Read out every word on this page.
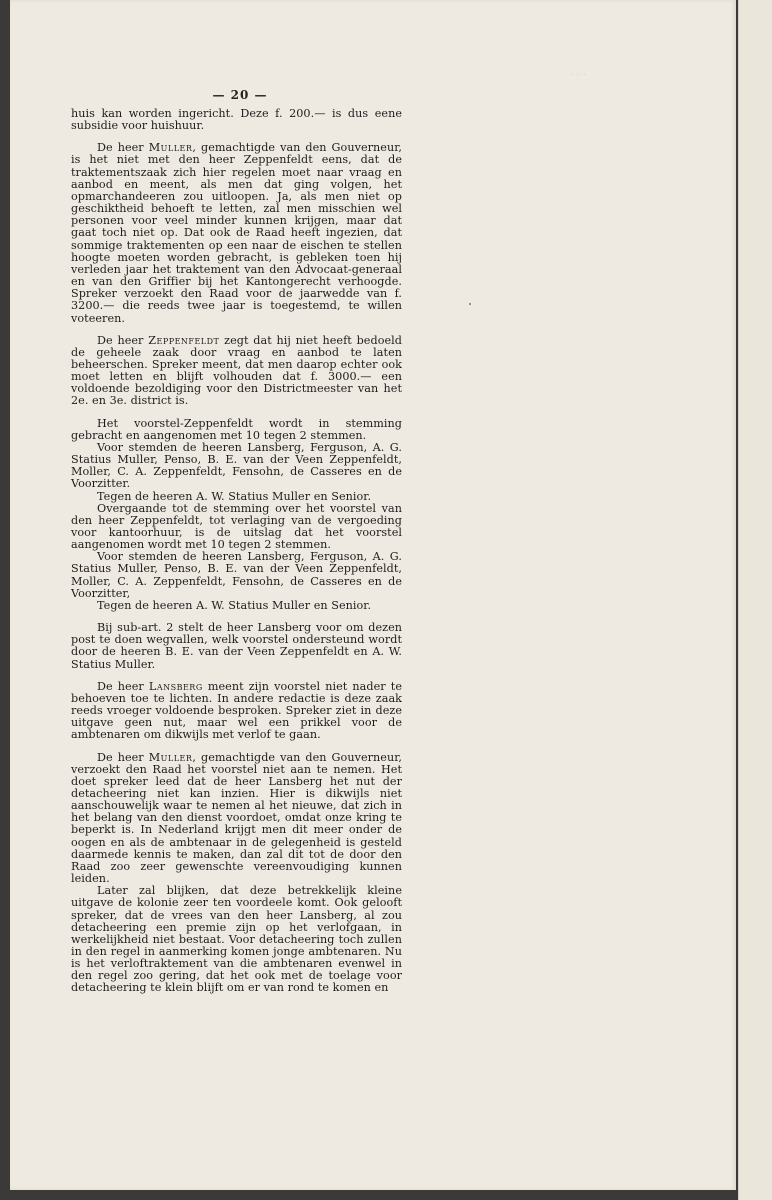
· · ·
— 20 —

huis kan worden ingericht. Deze f. 200.— is dus eene subsidie voor huishuur.

De heer Muller, gemachtigde van den Gouverneur, is het niet met den heer Zeppenfeldt eens, dat de traktementszaak zich hier regelen moet naar vraag en aanbod en meent, als men dat ging volgen, het opmarchandeeren zou uitloopen. Ja, als men niet op geschiktheid behoeft te letten, zal men misschien wel personen voor veel minder kunnen krijgen, maar dat gaat toch niet op. Dat ook de Raad heeft ingezien, dat sommige traktementen op een naar de eischen te stellen hoogte moeten worden gebracht, is gebleken toen hij verleden jaar het traktement van den Advocaat-generaal en van den Griffier bij het Kantongerecht verhoogde. Spreker verzoekt den Raad voor de jaarwedde van f. 3200.— die reeds twee jaar is toegestemd, te willen voteeren.

De heer Zeppenfeldt zegt dat hij niet heeft bedoeld de geheele zaak door vraag en aanbod te laten beheerschen. Spreker meent, dat men daarop echter ook moet letten en blijft volhouden dat f. 3000.— een voldoende bezoldiging voor den Districtmeester van het 2e. en 3e. district is.

Het voorstel-Zeppenfeldt wordt in stemming gebracht en aangenomen met 10 tegen 2 stemmen.

Voor stemden de heeren Lansberg, Ferguson, A. G. Statius Muller, Penso, B. E. van der Veen Zeppenfeldt, Moller, C. A. Zeppenfeldt, Fensohn, de Casseres en de Voorzitter.

Tegen de heeren A. W. Statius Muller en Senior.

Overgaande tot de stemming over het voorstel van den heer Zeppenfeldt, tot verlaging van de vergoeding voor kantoorhuur, is de uitslag dat het voorstel aangenomen wordt met 10 tegen 2 stemmen.

Voor stemden de heeren Lansberg, Ferguson, A. G. Statius Muller, Penso, B. E. van der Veen Zeppenfeldt, Moller, C. A. Zeppenfeldt, Fensohn, de Casseres en de Voorzitter,

Tegen de heeren A. W. Statius Muller en Senior.

Bij sub-art. 2 stelt de heer Lansberg voor om dezen post te doen wegvallen, welk voorstel ondersteund wordt door de heeren B. E. van der Veen Zeppenfeldt en A. W. Statius Muller.

De heer Lansberg meent zijn voorstel niet nader te behoeven toe te lichten. In andere redactie is deze zaak reeds vroeger voldoende besproken. Spreker ziet in deze uitgave geen nut, maar wel een prikkel voor de ambtenaren om dikwijls met verlof te gaan.

De heer Muller, gemachtigde van den Gouverneur, verzoekt den Raad het voorstel niet aan te nemen. Het doet spreker leed dat de heer Lansberg het nut der detacheering niet kan inzien. Hier is dikwijls niet aanschouwelijk waar te nemen al het nieuwe, dat zich in het belang van den dienst voordoet, omdat onze kring te beperkt is. In Nederland krijgt men dit meer onder de oogen en als de ambtenaar in de gelegenheid is gesteld daarmede kennis te maken, dan zal dit tot de door den Raad zoo zeer gewenschte vereenvoudiging kunnen leiden.

Later zal blijken, dat deze betrekkelijk kleine uitgave de kolonie zeer ten voordeele komt. Ook gelooft spreker, dat de vrees van den heer Lansberg, al zou detacheering een premie zijn op het verlofgaan, in werkelijkheid niet bestaat. Voor detacheering toch zullen in den regel in aanmerking komen jonge ambtenaren. Nu is het verloftraktement van die ambtenaren evenwel in den regel zoo gering, dat het ook met de toelage voor detacheering te klein blijft om er van rond te komen en
